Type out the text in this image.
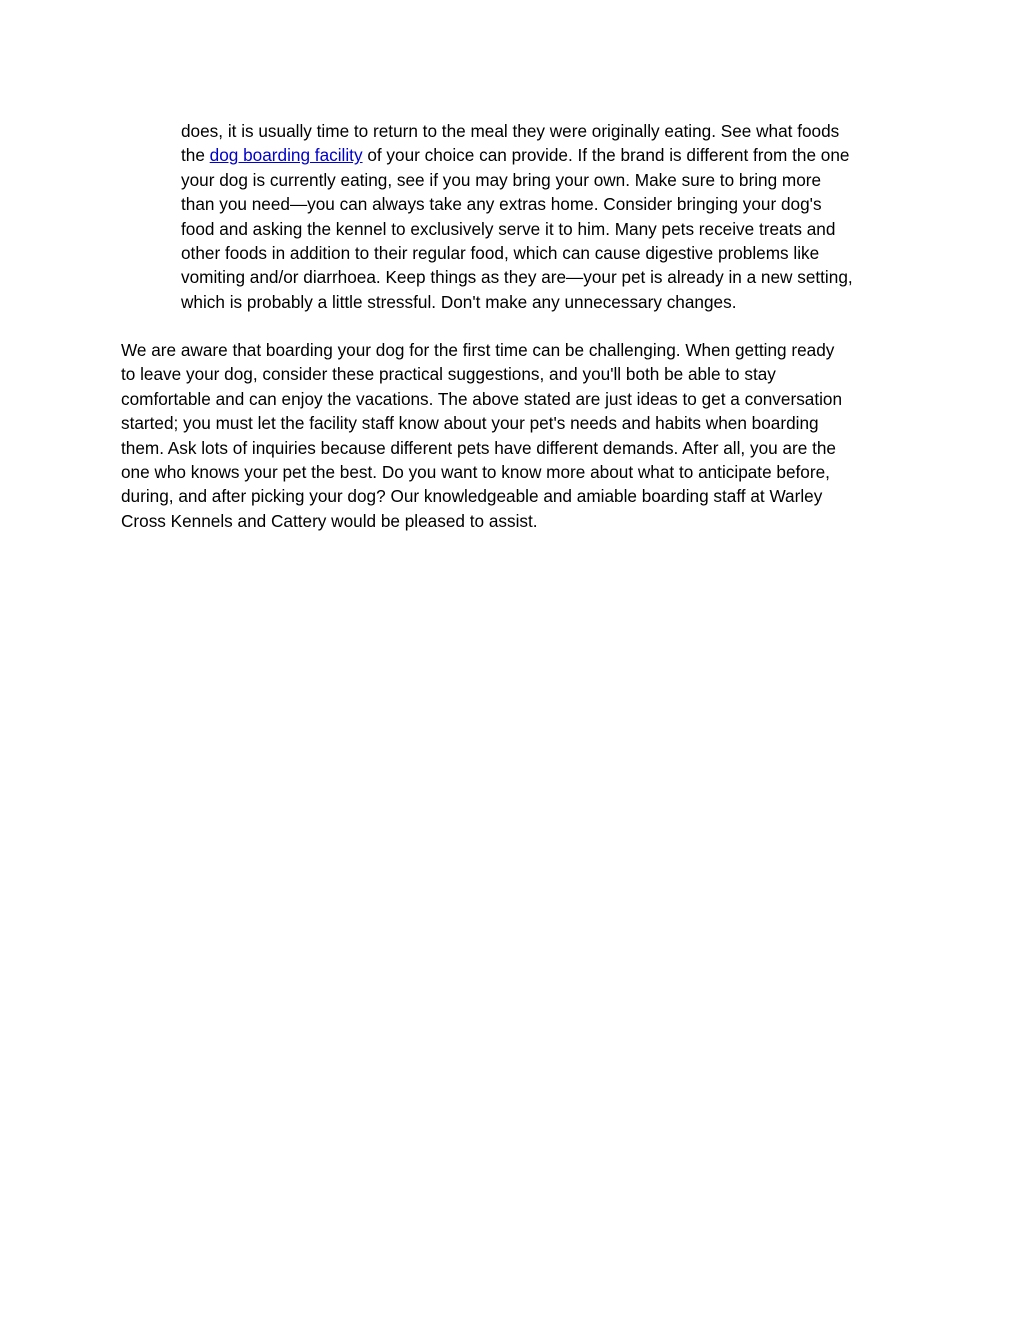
does, it is usually time to return to the meal they were originally eating. See what foods
the dog boarding facility of your choice can provide. If the brand is different from the one
your dog is currently eating, see if you may bring your own. Make sure to bring more
than you need—you can always take any extras home. Consider bringing your dog's
food and asking the kennel to exclusively serve it to him. Many pets receive treats and
other foods in addition to their regular food, which can cause digestive problems like
vomiting and/or diarrhoea. Keep things as they are—your pet is already in a new setting,
which is probably a little stressful. Don't make any unnecessary changes.

We are aware that boarding your dog for the first time can be challenging. When getting ready
to leave your dog, consider these practical suggestions, and you'll both be able to stay
comfortable and can enjoy the vacations. The above stated are just ideas to get a conversation
started; you must let the facility staff know about your pet's needs and habits when boarding
them. Ask lots of inquiries because different pets have different demands. After all, you are the
one who knows your pet the best. Do you want to know more about what to anticipate before,
during, and after picking your dog? Our knowledgeable and amiable boarding staff at Warley
Cross Kennels and Cattery would be pleased to assist.
